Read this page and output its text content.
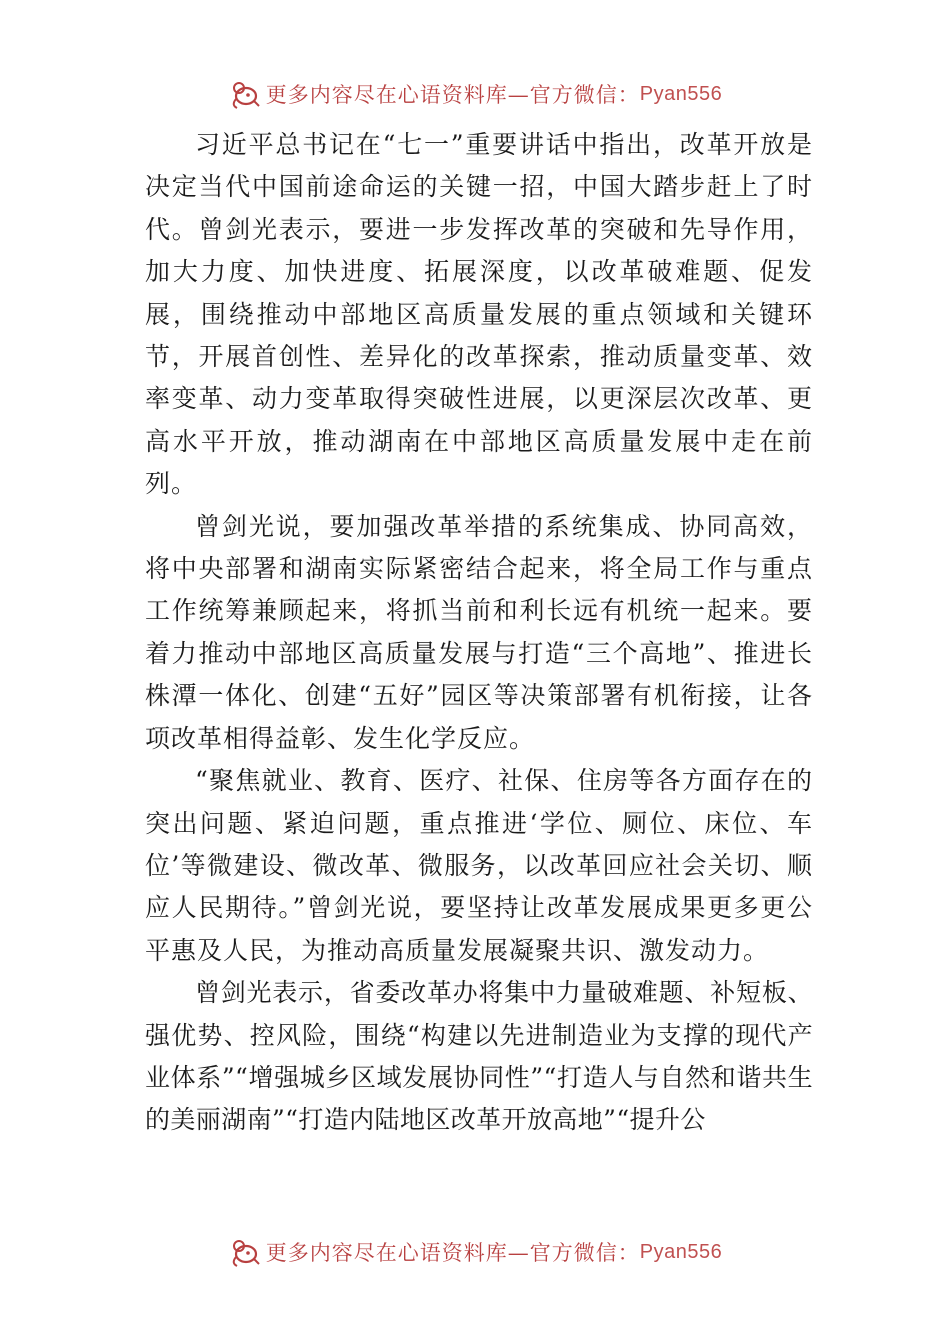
更多内容尽在心语资料库—官方微信： Pyan556

习近平总书记在“七一”重要讲话中指出，改革开放是决定当代中国前途命运的关键一招，中国大踏步赶上了时代。曾剑光表示，要进一步发挥改革的突破和先导作用，加大力度、加快进度、拓展深度，以改革破难题、促发展，围绕推动中部地区高质量发展的重点领域和关键环节，开展首创性、差异化的改革探索，推动质量变革、效率变革、动力变革取得突破性进展，以更深层次改革、更高水平开放，推动湖南在中部地区高质量发展中走在前列。

曾剑光说，要加强改革举措的系统集成、协同高效，将中央部署和湖南实际紧密结合起来，将全局工作与重点工作统筹兼顾起来，将抓当前和利长远有机统一起来。要着力推动中部地区高质量发展与打造“三个高地”、推进长株潭一体化、创建“五好”园区等决策部署有机衔接，让各项改革相得益彰、发生化学反应。

“聚焦就业、教育、医疗、社保、住房等各方面存在的突出问题、紧迫问题，重点推进‘学位、厕位、床位、车位’等微建设、微改革、微服务，以改革回应社会关切、顺应人民期待。”曾剑光说，要坚持让改革发展成果更多更公平惠及人民，为推动高质量发展凝聚共识、激发动力。

曾剑光表示，省委改革办将集中力量破难题、补短板、强优势、控风险，围绕“构建以先进制造业为支撑的现代产业体系”“增强城乡区域发展协同性”“打造人与自然和谐共生的美丽湖南”“打造内陆地区改革开放高地”“提升公

更多内容尽在心语资料库—官方微信： Pyan556
